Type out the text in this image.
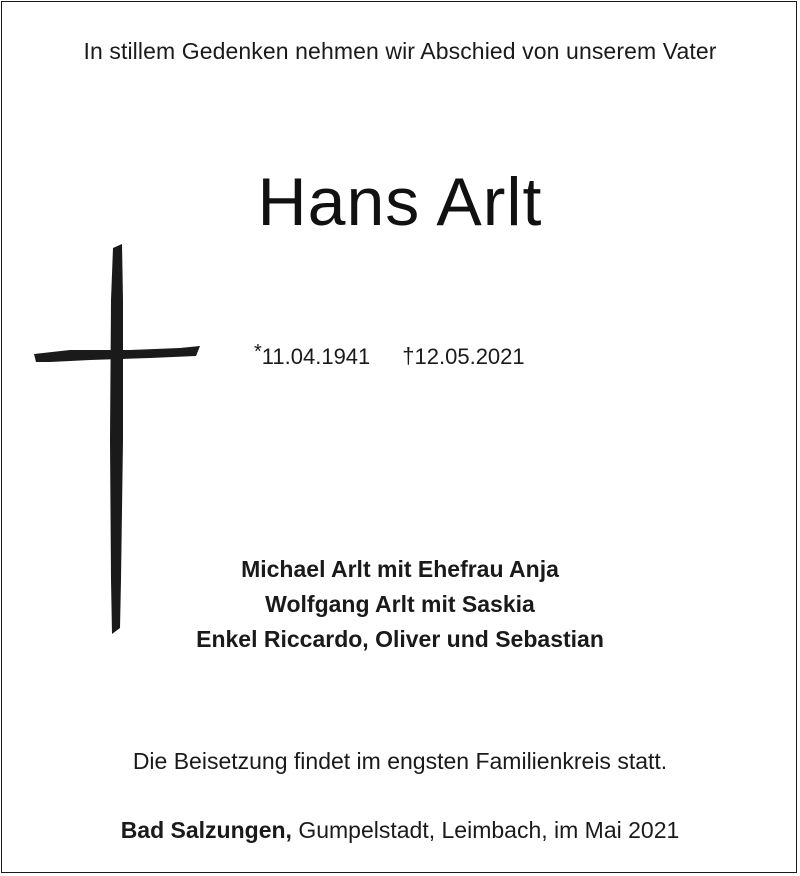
In stillem Gedenken nehmen wir Abschied von unserem Vater
Hans Arlt
*11.04.1941 †12.05.2021
Michael Arlt mit Ehefrau Anja
Wolfgang Arlt mit Saskia
Enkel Riccardo, Oliver und Sebastian
Die Beisetzung findet im engsten Familienkreis statt.
Bad Salzungen, Gumpelstadt, Leimbach, im Mai 2021
